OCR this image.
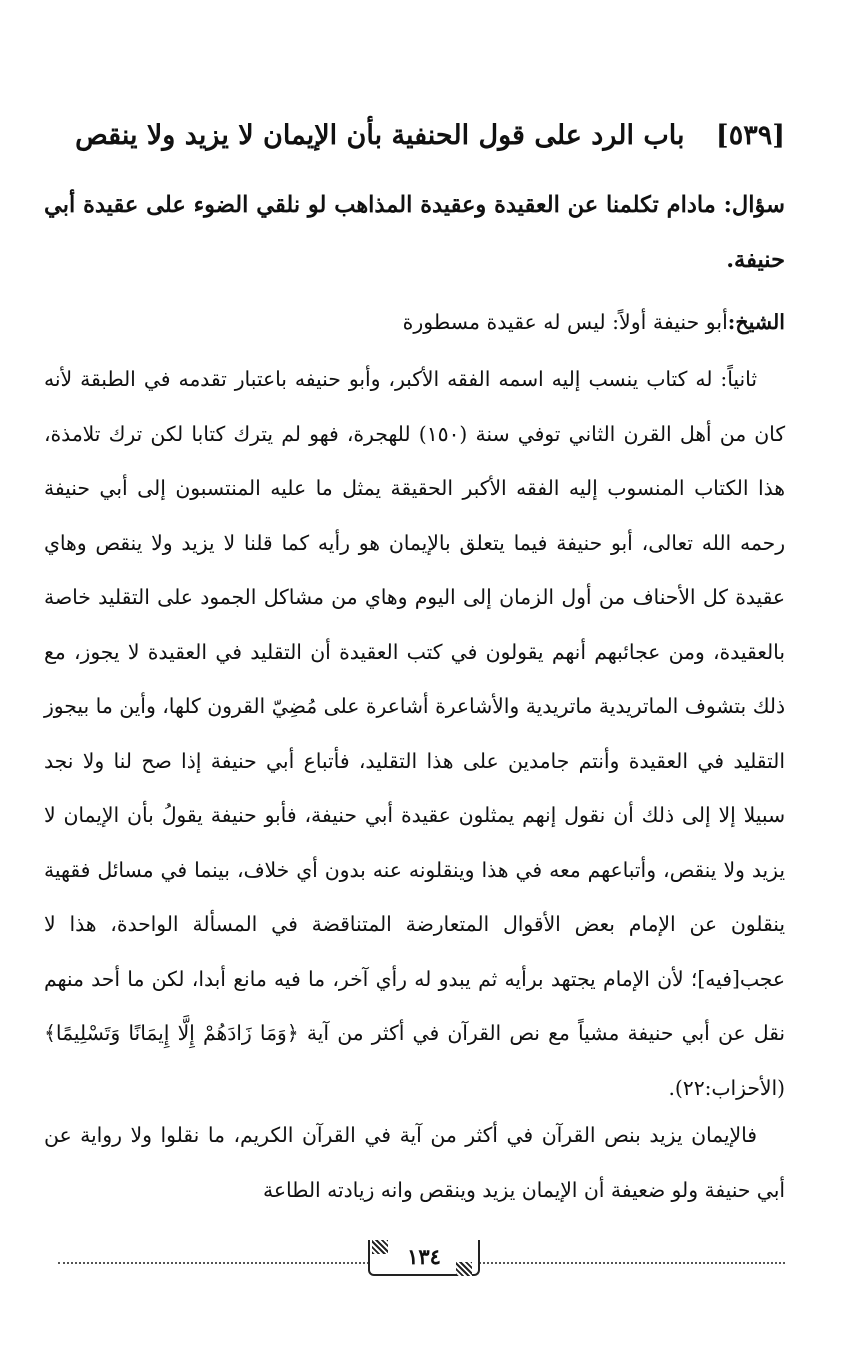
[٥٣٩] باب الرد على قول الحنفية بأن الإيمان لا يزيد ولا ينقص
سؤال: مادام تكلمنا عن العقيدة وعقيدة المذاهب لو نلقي الضوء على عقيدة أبي حنيفة.
الشيخ:أبو حنيفة أولاً: ليس له عقيدة مسطورة

ثانياً: له كتاب ينسب إليه اسمه الفقه الأكبر، وأبو حنيفه باعتبار تقدمه في الطبقة لأنه كان من أهل القرن الثاني توفي سنة (١٥٠) للهجرة، فهو لم يترك كتابا لكن ترك تلامذة، هذا الكتاب المنسوب إليه الفقه الأكبر الحقيقة يمثل ما عليه المنتسبون إلى أبي حنيفة رحمه الله تعالى، أبو حنيفة فيما يتعلق بالإيمان هو رأيه كما قلنا لا يزيد ولا ينقص وهاي عقيدة كل الأحناف من أول الزمان إلى اليوم وهاي من مشاكل الجمود على التقليد خاصة بالعقيدة، ومن عجائبهم أنهم يقولون في كتب العقيدة أن التقليد في العقيدة لا يجوز، مع ذلك بتشوف الماتريدية ماتريدية والأشاعرة أشاعرة على مُضِيّ القرون كلها، وأين ما بيجوز التقليد في العقيدة وأنتم جامدين على هذا التقليد، فأتباع أبي حنيفة إذا صح لنا ولا نجد سبيلا إلا إلى ذلك أن نقول إنهم يمثلون عقيدة أبي حنيفة، فأبو حنيفة يقولُ بأن الإيمان لا يزيد ولا ينقص، وأتباعهم معه في هذا وينقلونه عنه بدون أي خلاف، بينما في مسائل فقهية ينقلون عن الإمام بعض الأقوال المتعارضة المتناقضة في المسألة الواحدة، هذا لا عجب[فيه]؛ لأن الإمام يجتهد برأيه ثم يبدو له رأي آخر، ما فيه مانع أبدا، لكن ما أحد منهم نقل عن أبي حنيفة مشياً مع نص القرآن في أكثر من آية ﴿وَمَا زَادَهُمْ إِلَّا إِيمَانًا وَتَسْلِيمًا﴾ (الأحزاب:٢٢).

فالإيمان يزيد بنص القرآن في أكثر من آية في القرآن الكريم، ما نقلوا ولا رواية عن أبي حنيفة ولو ضعيفة أن الإيمان يزيد وينقص وانه زيادته الطاعة

١٣٤
